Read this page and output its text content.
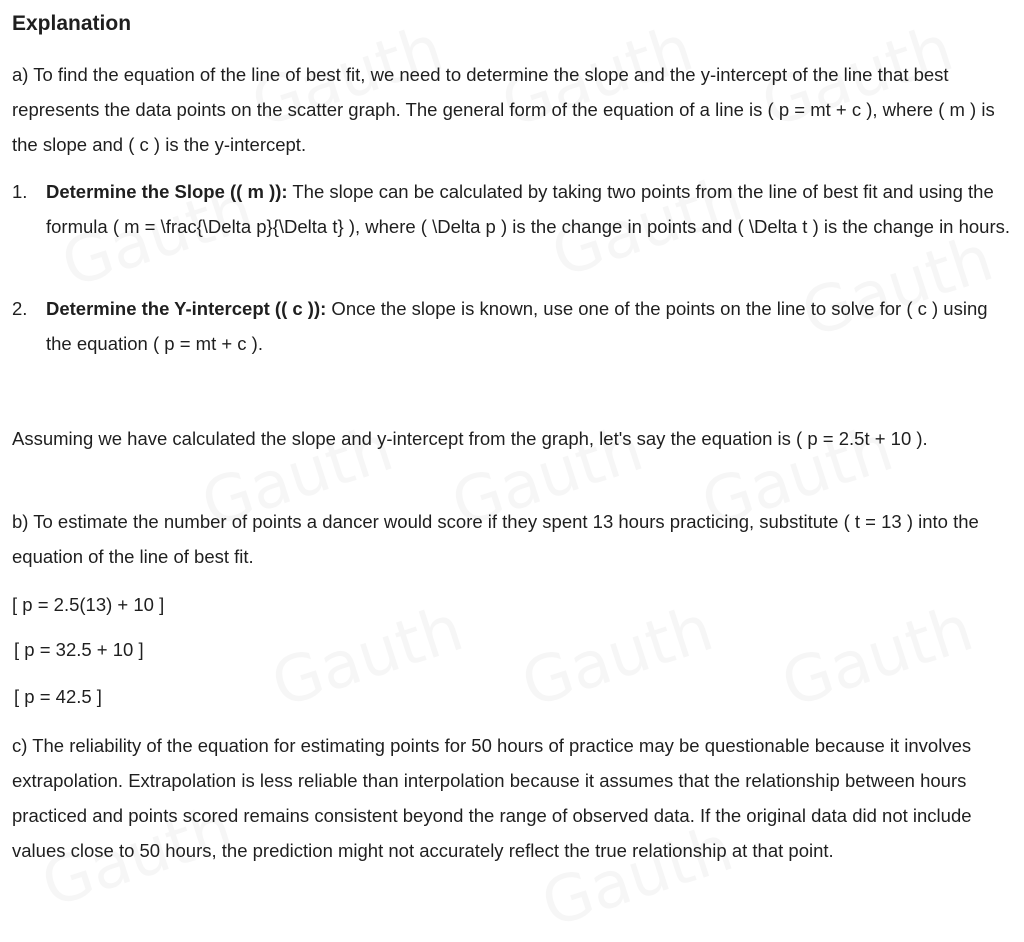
Explanation
a) To find the equation of the line of best fit, we need to determine the slope and the y-intercept of the line that best represents the data points on the scatter graph. The general form of the equation of a line is ( p = mt + c ), where ( m ) is the slope and ( c ) is the y-intercept.
1.	Determine the Slope (( m )): The slope can be calculated by taking two points from the line of best fit and using the formula ( m = \frac{\Delta p}{\Delta t} ), where ( \Delta p ) is the change in points and ( \Delta t ) is the change in hours.
2.	Determine the Y-intercept (( c )): Once the slope is known, use one of the points on the line to solve for ( c ) using the equation ( p = mt + c ).
Assuming we have calculated the slope and y-intercept from the graph, let's say the equation is ( p = 2.5t + 10 ).
b) To estimate the number of points a dancer would score if they spent 13 hours practicing, substitute ( t = 13 ) into the equation of the line of best fit.
[ p = 2.5(13) + 10 ]
[ p = 32.5 + 10 ]
[ p = 42.5 ]
c) The reliability of the equation for estimating points for 50 hours of practice may be questionable because it involves extrapolation. Extrapolation is less reliable than interpolation because it assumes that the relationship between hours practiced and points scored remains consistent beyond the range of observed data. If the original data did not include values close to 50 hours, the prediction might not accurately reflect the true relationship at that point.
